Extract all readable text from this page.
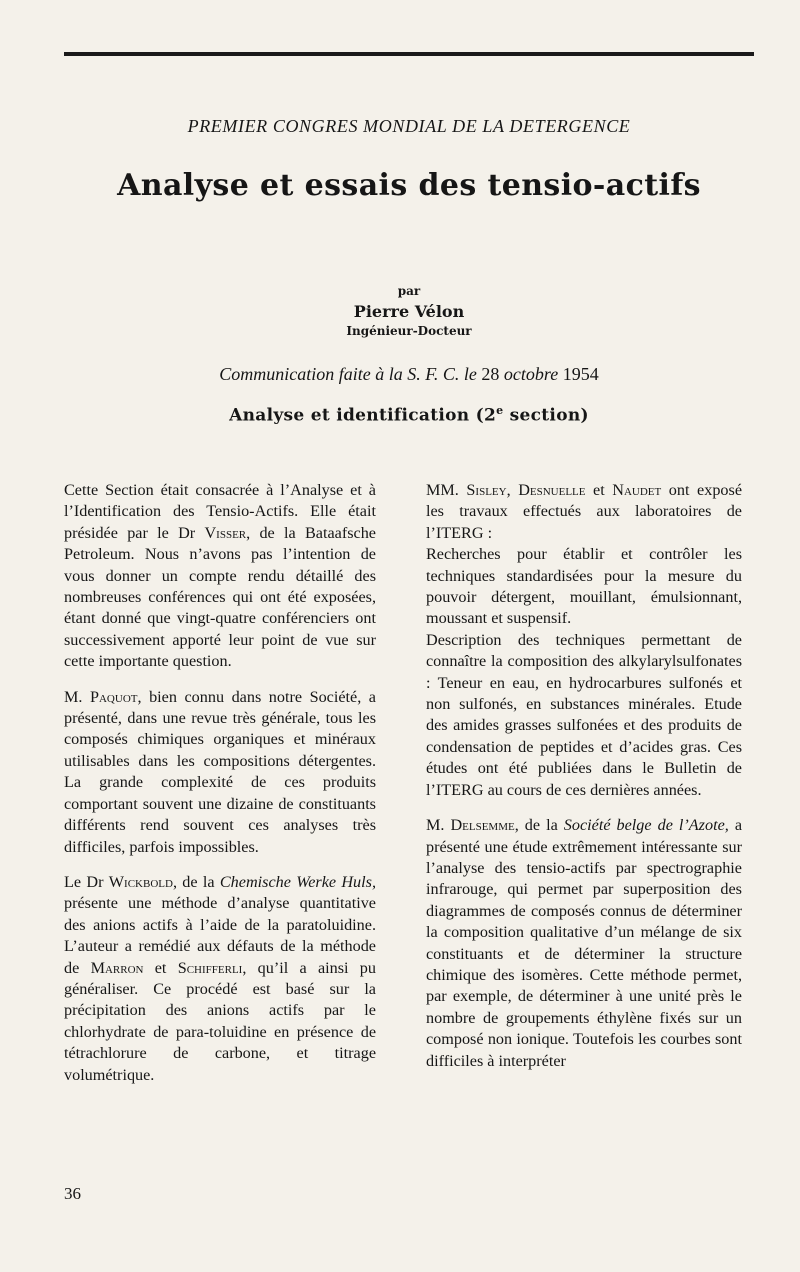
PREMIER CONGRES MONDIAL DE LA DETERGENCE
Analyse et essais des tensio-actifs
par
Pierre Vélon
Ingénieur-Docteur
Communication faite à la S. F. C. le 28 octobre 1954
Analyse et identification (2e section)

Cette Section était consacrée à l’Analyse et à l’Identification des Tensio-Actifs. Elle était présidée par le Dr Visser, de la Bataafsche Petroleum. Nous n’avons pas l’intention de vous donner un compte rendu détaillé des nombreuses conférences qui ont été exposées, étant donné que vingt-quatre conférenciers ont successivement apporté leur point de vue sur cette importante question.

M. Paquot, bien connu dans notre Société, a présenté, dans une revue très générale, tous les composés chimiques organiques et minéraux utilisables dans les compositions détergentes. La grande complexité de ces produits comportant souvent une dizaine de constituants différents rend souvent ces analyses très difficiles, parfois impossibles.

Le Dr Wickbold, de la Chemische Werke Huls, présente une méthode d’analyse quantitative des anions actifs à l’aide de la paratoluidine. L’auteur a remédié aux défauts de la méthode de Marron et Schifferli, qu’il a ainsi pu généraliser. Ce procédé est basé sur la précipitation des anions actifs par le chlorhydrate de para-toluidine en présence de tétrachlorure de carbone, et titrage volumétrique.

MM. Sisley, Desnuelle et Naudet ont exposé les travaux effectués aux laboratoires de l’ITERG :

Recherches pour établir et contrôler les techniques standardisées pour la mesure du pouvoir détergent, mouillant, émulsionnant, moussant et suspensif.

Description des techniques permettant de connaître la composition des alkylarylsulfonates : Teneur en eau, en hydrocarbures sulfonés et non sulfonés, en substances minérales. Etude des amides grasses sulfonées et des produits de condensation de peptides et d’acides gras. Ces études ont été publiées dans le Bulletin de l’ITERG au cours de ces dernières années.

M. Delsemme, de la Société belge de l’Azote, a présenté une étude extrêmement intéressante sur l’analyse des tensio-actifs par spectrographie infrarouge, qui permet par superposition des diagrammes de composés connus de déterminer la composition qualitative d’un mélange de six constituants et de déterminer la structure chimique des isomères. Cette méthode permet, par exemple, de déterminer à une unité près le nombre de groupements éthylène fixés sur un composé non ionique. Toutefois les courbes sont difficiles à interpréter

36
